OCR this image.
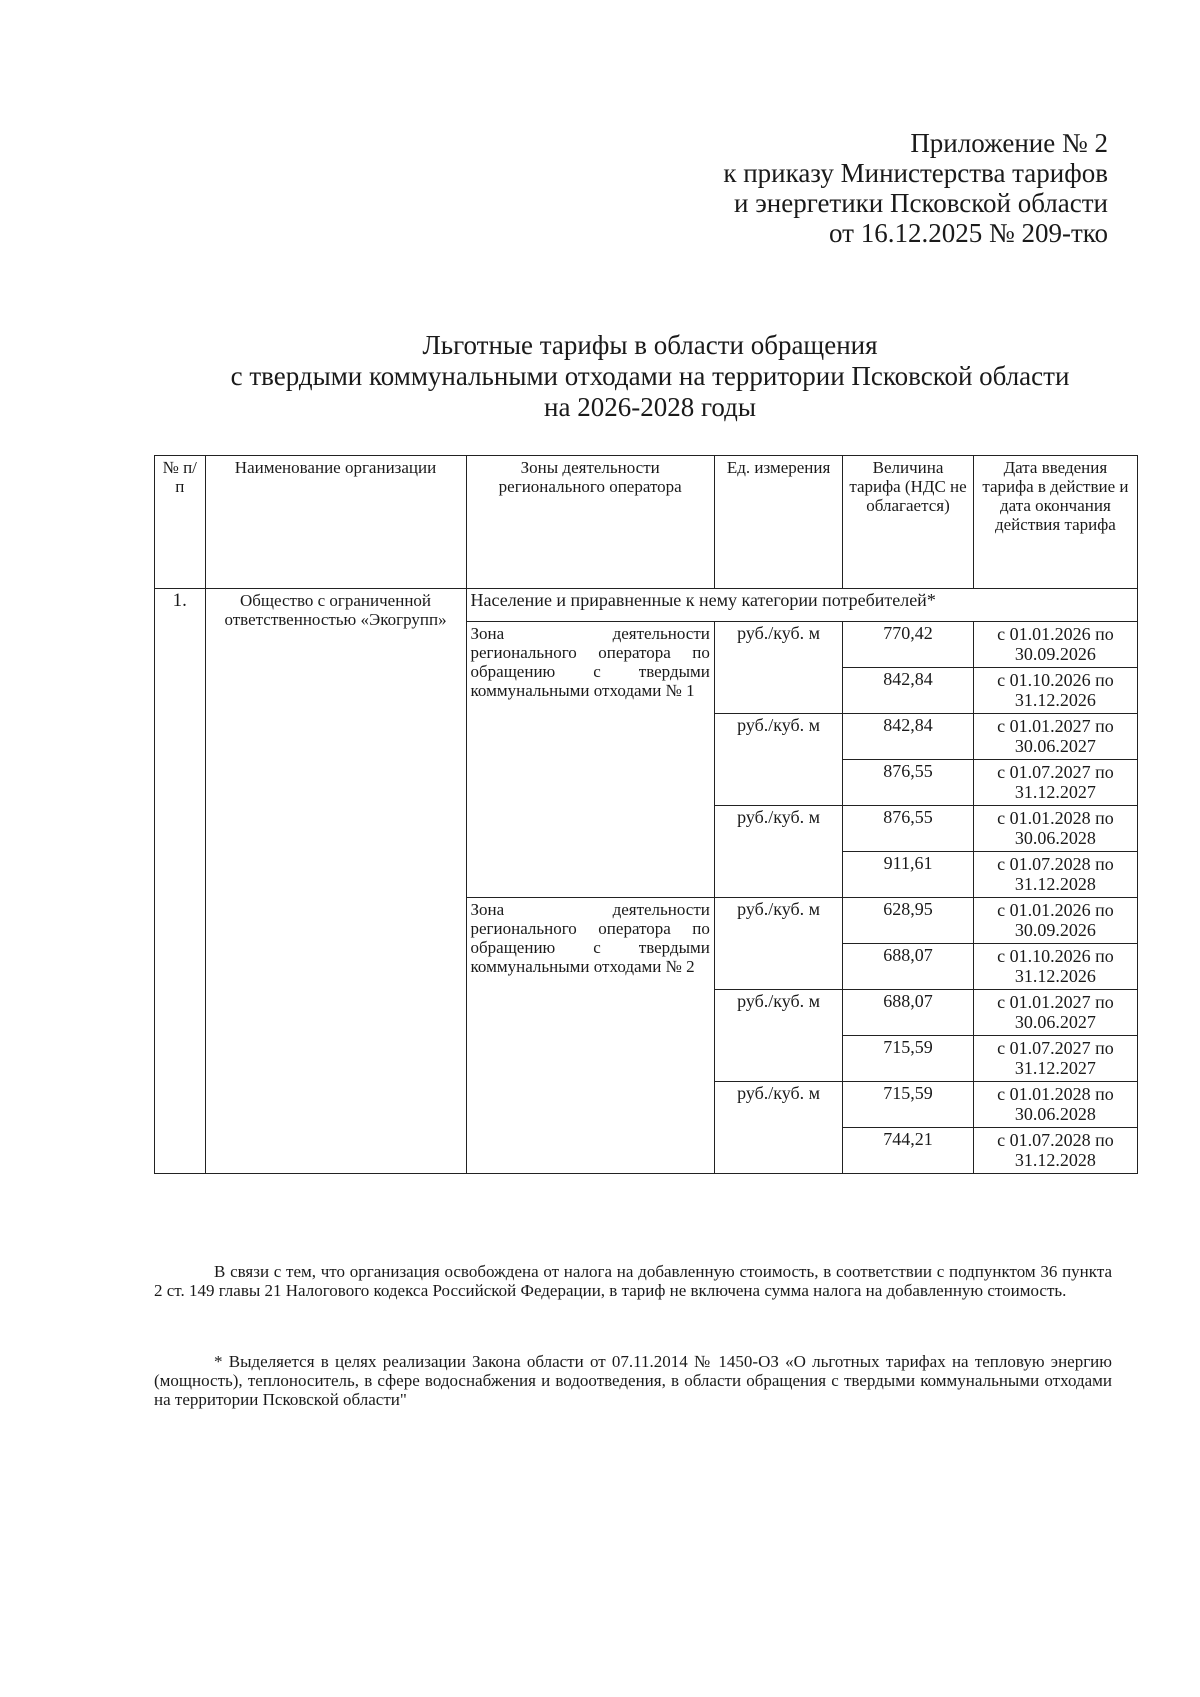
Приложение № 2
к приказу Министерства тарифов
и энергетики Псковской области
от 16.12.2025 № 209-тко
Льготные тарифы в области обращения
с твердыми коммунальными отходами на территории Псковской области
на 2026-2028 годы
№ п/п	Наименование организации	Зоны деятельности регионального оператора	Ед. измерения	Величина тарифа (НДС не облагается)	Дата введения тарифа в действие и дата окончания действия тарифа
1.	Общество с ограниченной ответственностью «Экогрупп»	Население и приравненные к нему категории потребителей*			
		Зона деятельности регионального оператора по обращению с твердыми коммунальными отходами № 1	руб./куб. м	770,42	с 01.01.2026 по 30.09.2026
				842,84	с 01.10.2026 по 31.12.2026
			руб./куб. м	842,84	с 01.01.2027 по 30.06.2027
				876,55	с 01.07.2027 по 31.12.2027
			руб./куб. м	876,55	с 01.01.2028 по 30.06.2028
				911,61	с 01.07.2028 по 31.12.2028
		Зона деятельности регионального оператора по обращению с твердыми коммунальными отходами № 2	руб./куб. м	628,95	с 01.01.2026 по 30.09.2026
				688,07	с 01.10.2026 по 31.12.2026
			руб./куб. м	688,07	с 01.01.2027 по 30.06.2027
				715,59	с 01.07.2027 по 31.12.2027
			руб./куб. м	715,59	с 01.01.2028 по 30.06.2028
				744,21	с 01.07.2028 по 31.12.2028
В связи с тем, что организация освобождена от налога на добавленную стоимость, в соответствии с подпунктом 36 пункта 2 ст. 149 главы 21 Налогового кодекса Российской Федерации, в тариф не включена сумма налога на добавленную стоимость.
* Выделяется в целях реализации Закона области от 07.11.2014 № 1450-ОЗ «О льготных тарифах на тепловую энергию (мощность), теплоноситель, в сфере водоснабжения и водоотведения, в области обращения с твердыми коммунальными отходами на территории Псковской области"
